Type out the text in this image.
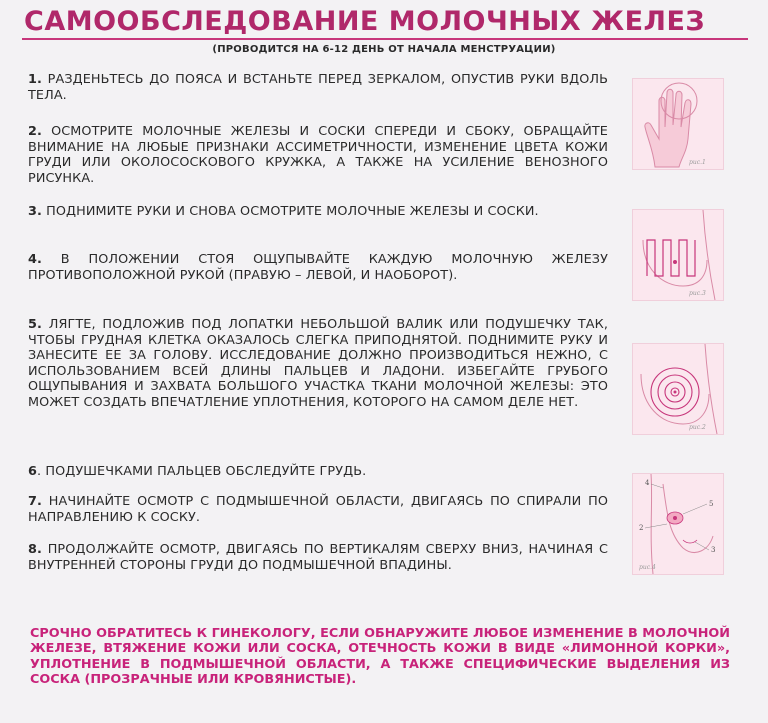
САМООБСЛЕДОВАНИЕ МОЛОЧНЫХ ЖЕЛЕЗ
(ПРОВОДИТСЯ НА 6-12 ДЕНЬ ОТ НАЧАЛА МЕНСТРУАЦИИ)
1. РАЗДЕНЬТЕСЬ ДО ПОЯСА И ВСТАНЬТЕ ПЕРЕД ЗЕРКАЛОМ, ОПУСТИВ РУКИ ВДОЛЬ ТЕЛА.
2. ОСМОТРИТЕ МОЛОЧНЫЕ ЖЕЛЕЗЫ И СОСКИ СПЕРЕДИ И СБОКУ, ОБРАЩАЙТЕ ВНИМАНИЕ НА ЛЮБЫЕ ПРИЗНАКИ АССИМЕТРИЧНОСТИ, ИЗМЕНЕНИЕ ЦВЕТА КОЖИ ГРУДИ ИЛИ ОКОЛОСОСКОВОГО КРУЖКА, А ТАКЖЕ НА УСИЛЕНИЕ ВЕНОЗНОГО РИСУНКА.
3. ПОДНИМИТЕ РУКИ И СНОВА ОСМОТРИТЕ МОЛОЧНЫЕ ЖЕЛЕЗЫ И СОСКИ.
4. В ПОЛОЖЕНИИ СТОЯ ОЩУПЫВАЙТЕ КАЖДУЮ МОЛОЧНУЮ ЖЕЛЕЗУ ПРОТИВОПОЛОЖНОЙ РУКОЙ (ПРАВУЮ – ЛЕВОЙ, И НАОБОРОТ).
5. ЛЯГТЕ, ПОДЛОЖИВ ПОД ЛОПАТКИ НЕБОЛЬШОЙ ВАЛИК ИЛИ ПОДУШЕЧКУ ТАК, ЧТОБЫ ГРУДНАЯ КЛЕТКА ОКАЗАЛОСЬ СЛЕГКА ПРИПОДНЯТОЙ. ПОДНИМИТЕ РУКУ И ЗАНЕСИТЕ ЕЕ ЗА ГОЛОВУ. ИССЛЕДОВАНИЕ ДОЛЖНО ПРОИЗВОДИТЬСЯ НЕЖНО, С ИСПОЛЬЗОВАНИЕМ ВСЕЙ ДЛИНЫ ПАЛЬЦЕВ И ЛАДОНИ. ИЗБЕГАЙТЕ ГРУБОГО ОЩУПЫВАНИЯ И ЗАХВАТА БОЛЬШОГО УЧАСТКА ТКАНИ МОЛОЧНОЙ ЖЕЛЕЗЫ: ЭТО МОЖЕТ СОЗДАТЬ ВПЕЧАТЛЕНИЕ УПЛОТНЕНИЯ, КОТОРОГО НА САМОМ ДЕЛЕ НЕТ.
6. ПОДУШЕЧКАМИ ПАЛЬЦЕВ ОБСЛЕДУЙТЕ ГРУДЬ.
7. НАЧИНАЙТЕ ОСМОТР С ПОДМЫШЕЧНОЙ ОБЛАСТИ, ДВИГАЯСЬ ПО СПИРАЛИ ПО НАПРАВЛЕНИЮ К СОСКУ.
8. ПРОДОЛЖАЙТЕ ОСМОТР, ДВИГАЯСЬ ПО ВЕРТИКАЛЯМ СВЕРХУ ВНИЗ, НАЧИНАЯ С ВНУТРЕННЕЙ СТОРОНЫ ГРУДИ ДО ПОДМЫШЕЧНОЙ ВПАДИНЫ.
рис.1
рис.3
рис.2
4
5
2
3
рис.4
СРОЧНО ОБРАТИТЕСЬ К ГИНЕКОЛОГУ, ЕСЛИ ОБНАРУЖИТЕ ЛЮБОЕ ИЗМЕНЕНИЕ В МОЛОЧНОЙ ЖЕЛЕЗЕ, ВТЯЖЕНИЕ КОЖИ ИЛИ СОСКА, ОТЕЧНОСТЬ КОЖИ В ВИДЕ «ЛИМОННОЙ КОРКИ», УПЛОТНЕНИЕ В ПОДМЫШЕЧНОЙ ОБЛАСТИ, А ТАКЖЕ СПЕЦИФИЧЕСКИЕ ВЫДЕЛЕНИЯ ИЗ СОСКА (ПРОЗРАЧНЫЕ ИЛИ КРОВЯНИСТЫЕ).
